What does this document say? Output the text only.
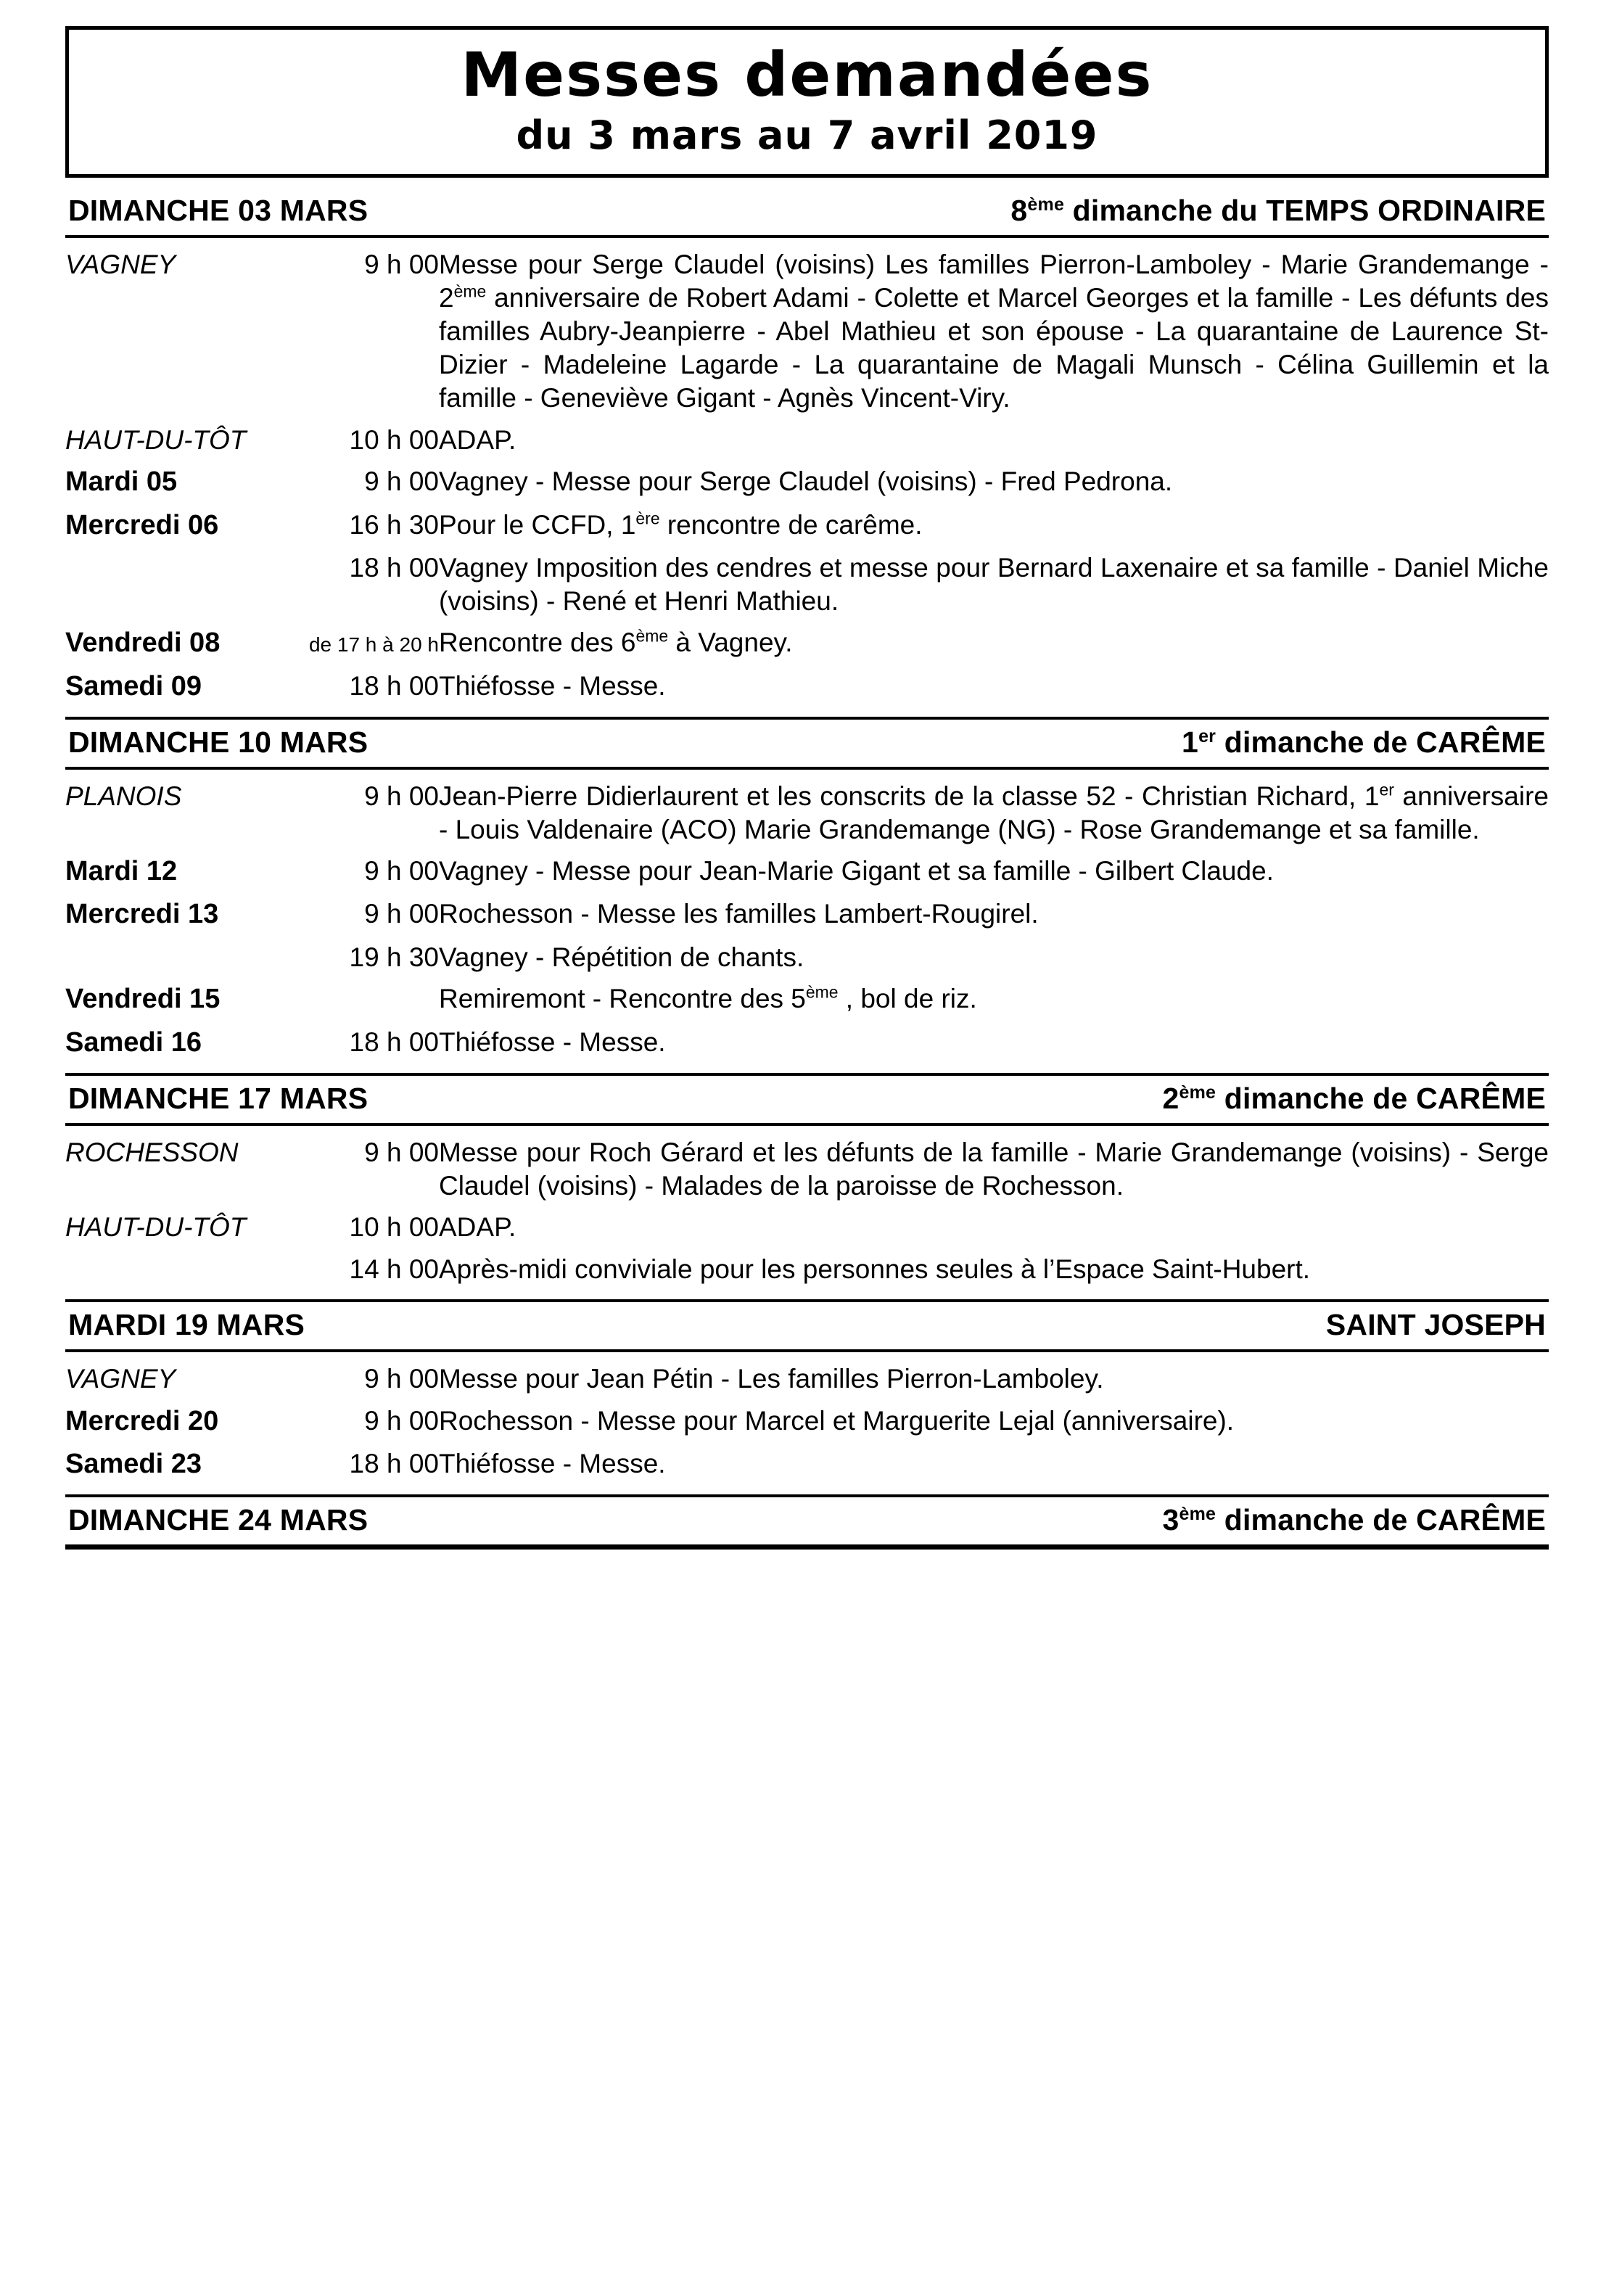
Messes demandées
du 3 mars au 7 avril 2019
DIMANCHE 03 MARS	8ème dimanche du TEMPS ORDINAIRE
VAGNEY	9 h 00	Messe pour Serge Claudel (voisins) Les familles Pierron-Lamboley - Marie Grandemange - 2ème anniversaire de Robert Adami - Colette et Marcel Georges et la famille - Les défunts des familles Aubry-Jeanpierre - Abel Mathieu et son épouse - La quarantaine de Laurence St-Dizier - Madeleine Lagarde - La quarantaine de Magali Munsch - Célina Guillemin et la famille - Geneviève Gigant - Agnès Vincent-Viry.
HAUT-DU-TÔT	10 h 00	ADAP.
Mardi 05	9 h 00	Vagney - Messe pour Serge Claudel (voisins) - Fred Pedrona.
Mercredi 06	16 h 30	Pour le CCFD, 1ère rencontre de carême.
	18 h 00	Vagney Imposition des cendres et messe pour Bernard Laxenaire et sa famille - Daniel Miche (voisins) - René et Henri Mathieu.
Vendredi 08	de 17 h à 20 h	Rencontre des 6ème à Vagney.
Samedi 09	18 h 00	Thiéfosse - Messe.
DIMANCHE 10 MARS	1er dimanche de CARÊME
PLANOIS	9 h 00	Jean-Pierre Didierlaurent et les conscrits de la classe 52 - Christian Richard, 1er anniversaire - Louis Valdenaire (ACO) Marie Grandemange (NG) - Rose Grandemange et sa famille.
Mardi 12	9 h 00	Vagney - Messe pour Jean-Marie Gigant et sa famille - Gilbert Claude.
Mercredi 13	9 h 00	Rochesson - Messe les familles Lambert-Rougirel.
	19 h 30	Vagney - Répétition de chants.
Vendredi 15		Remiremont - Rencontre des 5ème , bol de riz.
Samedi 16	18 h 00	Thiéfosse - Messe.
DIMANCHE 17 MARS	2ème dimanche de CARÊME
ROCHESSON	9 h 00	Messe pour Roch Gérard et les défunts de la famille - Marie Grandemange (voisins) - Serge Claudel (voisins) - Malades de la paroisse de Rochesson.
HAUT-DU-TÔT	10 h 00	ADAP.
	14 h 00	Après-midi conviviale pour les personnes seules à l’Espace Saint-Hubert.
MARDI 19 MARS	SAINT JOSEPH
VAGNEY	9 h 00	Messe pour Jean Pétin - Les familles Pierron-Lamboley.
Mercredi 20	9 h 00	Rochesson - Messe pour Marcel et Marguerite Lejal (anniversaire).
Samedi 23	18 h 00	Thiéfosse - Messe.
DIMANCHE 24 MARS	3ème dimanche de CARÊME
